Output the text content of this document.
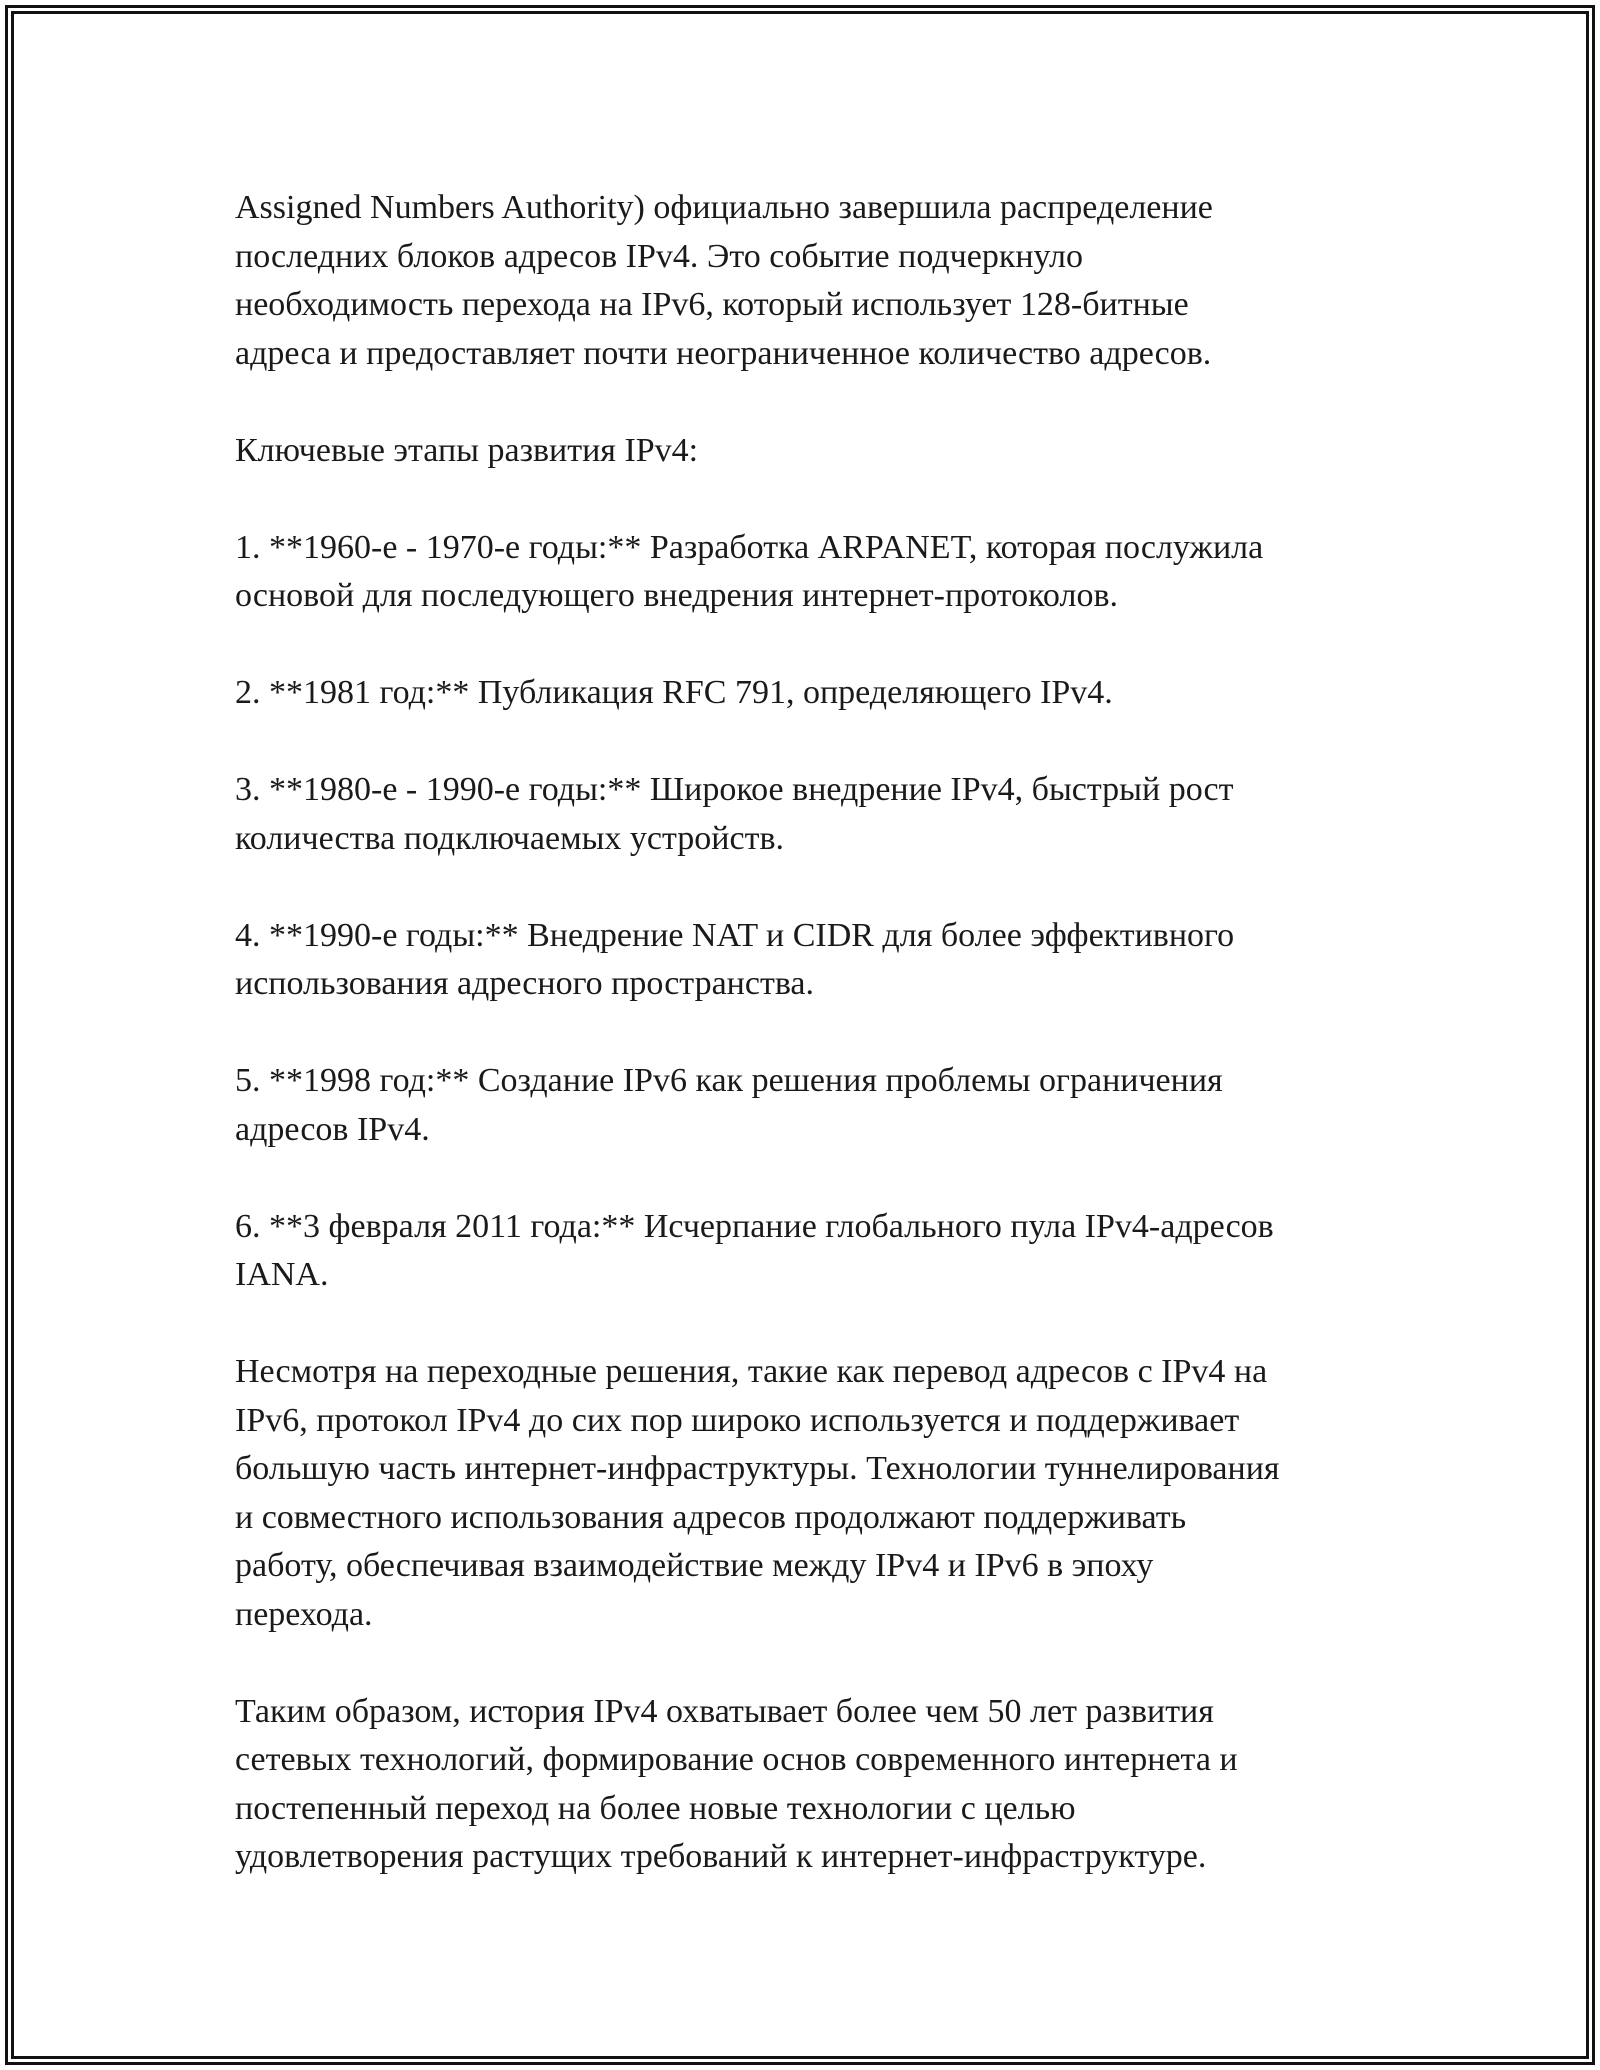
Assigned Numbers Authority) официально завершила распределение
последних блоков адресов IPv4. Это событие подчеркнуло
необходимость перехода на IPv6, который использует 128-битные
адреса и предоставляет почти неограниченное количество адресов.

Ключевые этапы развития IPv4:

1. **1960-е - 1970-е годы:** Разработка ARPANET, которая послужила
основой для последующего внедрения интернет-протоколов.

2. **1981 год:** Публикация RFC 791, определяющего IPv4.

3. **1980-е - 1990-е годы:** Широкое внедрение IPv4, быстрый рост
количества подключаемых устройств.

4. **1990-е годы:** Внедрение NAT и CIDR для более эффективного
использования адресного пространства.

5. **1998 год:** Создание IPv6 как решения проблемы ограничения
адресов IPv4.

6. **3 февраля 2011 года:** Исчерпание глобального пула IPv4-адресов
IANA.

Несмотря на переходные решения, такие как перевод адресов с IPv4 на
IPv6, протокол IPv4 до сих пор широко используется и поддерживает
большую часть интернет-инфраструктуры. Технологии туннелирования
и совместного использования адресов продолжают поддерживать
работу, обеспечивая взаимодействие между IPv4 и IPv6 в эпоху
перехода.

Таким образом, история IPv4 охватывает более чем 50 лет развития
сетевых технологий, формирование основ современного интернета и
постепенный переход на более новые технологии с целью
удовлетворения растущих требований к интернет-инфраструктуре.
